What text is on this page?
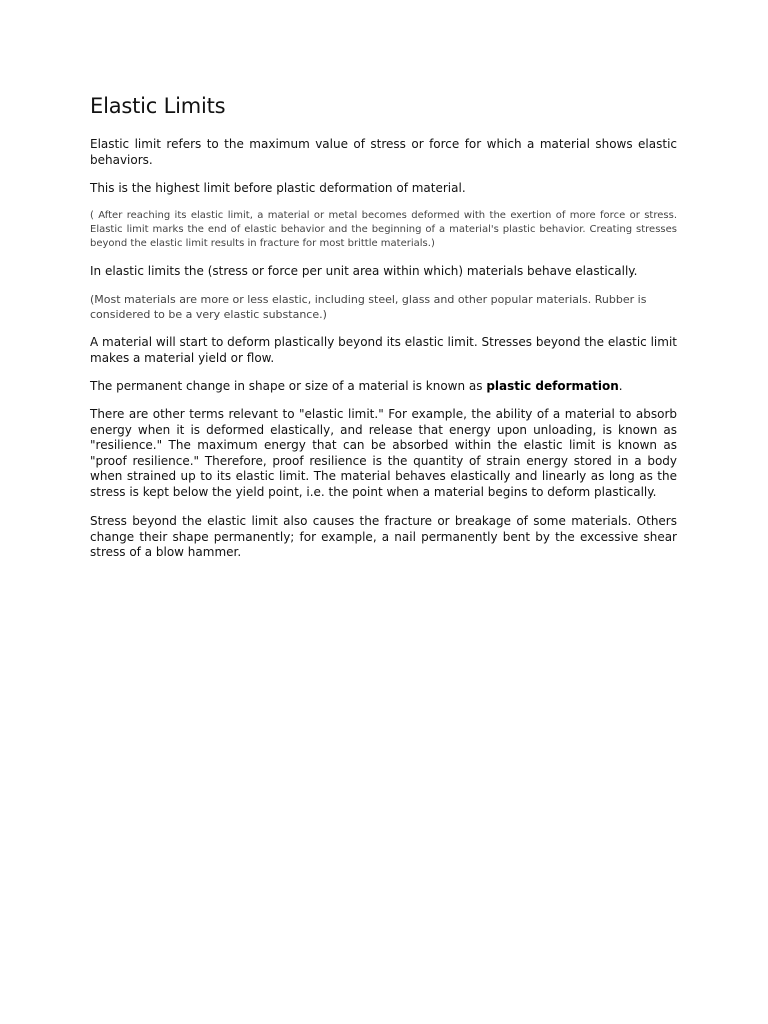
Elastic Limits

Elastic limit refers to the maximum value of stress or force for which a material shows elastic behaviors.

This is the highest limit before plastic deformation of material.

( After reaching its elastic limit, a material or metal becomes deformed with the exertion of more force or stress. Elastic limit marks the end of elastic behavior and the beginning of a material's plastic behavior. Creating stresses beyond the elastic limit results in fracture for most brittle materials.)

In elastic limits the (stress or force per unit area within which) materials behave elastically.

(Most materials are more or less elastic, including steel, glass and other popular materials. Rubber is considered to be a very elastic substance.)

A material will start to deform plastically beyond its elastic limit. Stresses beyond the elastic limit makes a material yield or flow.

The permanent change in shape or size of a material is known as plastic deformation.

There are other terms relevant to "elastic limit." For example, the ability of a material to absorb energy when it is deformed elastically, and release that energy upon unloading, is known as "resilience." The maximum energy that can be absorbed within the elastic limit is known as "proof resilience." Therefore, proof resilience is the quantity of strain energy stored in a body when strained up to its elastic limit. The material behaves elastically and linearly as long as the stress is kept below the yield point, i.e. the point when a material begins to deform plastically.

Stress beyond the elastic limit also causes the fracture or breakage of some materials. Others change their shape permanently; for example, a nail permanently bent by the excessive shear stress of a blow hammer.
